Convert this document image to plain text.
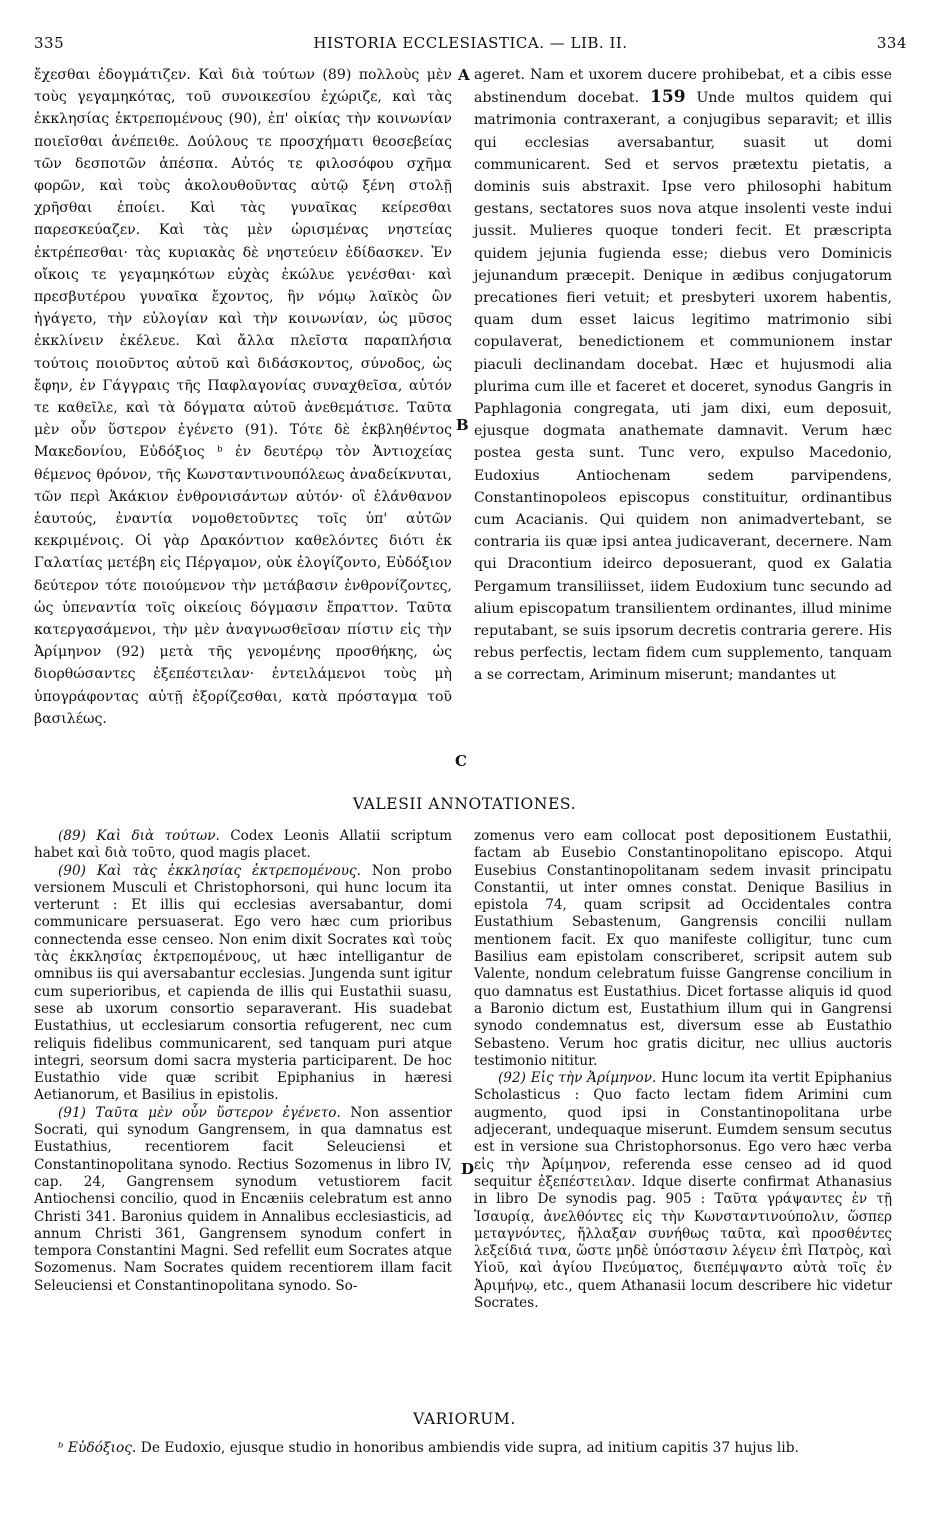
335	HISTORIA ECCLESIASTICA. — LIB. II.	334

ἔχεσθαι ἐδογμάτιζεν. Καὶ διὰ τούτων (89) πολλοὺς μὲν τοὺς γεγαμηκότας, τοῦ συνοικεσίου ἐχώριζε, καὶ τὰς ἐκκλησίας ἐκτρεπομένους (90), ἐπ' οἰκίας τὴν κοινωνίαν ποιεῖσθαι ἀνέπειθε. Δούλους τε προσχήματι θεοσεβείας τῶν δεσποτῶν ἀπέσπα. Αὐτός τε φιλοσόφου σχῆμα φορῶν, καὶ τοὺς ἀκολουθοῦντας αὐτῷ ξένη στολῇ χρῆσθαι ἐποίει. Καὶ τὰς γυναῖκας κείρεσθαι παρεσκεύαζεν. Καὶ τὰς μὲν ὡρισμένας νηστείας ἐκτρέπεσθαι· τὰς κυριακὰς δὲ νηστεύειν ἐδίδασκεν. Ἐν οἴκοις τε γεγαμηκότων εὐχὰς ἐκώλυε γενέσθαι· καὶ πρεσβυτέρου γυναῖκα ἔχοντος, ἣν νόμῳ λαϊκὸς ὢν ἠγάγετο, τὴν εὐλογίαν καὶ τὴν κοινωνίαν, ὡς μῦσος ἐκκλίνειν ἐκέλευε. Καὶ ἄλλα πλεῖστα παραπλήσια τούτοις ποιοῦντος αὐτοῦ καὶ διδάσκοντος, σύνοδος, ὡς ἔφην, ἐν Γάγγραις τῆς Παφλαγονίας συναχθεῖσα, αὐτόν τε καθεῖλε, καὶ τὰ δόγματα αὐτοῦ ἀνεθεμάτισε. Ταῦτα μὲν οὖν ὕστερον ἐγένετο (91). Τότε δὲ ἐκβληθέντος Μακεδονίου, Εὐδόξιος ᵇ ἐν δευτέρῳ τὸν Ἀντιοχείας θέμενος θρόνον, τῆς Κωνσταντινουπόλεως ἀναδείκνυται, τῶν περὶ Ἀκάκιον ἐνθρονισάντων αὐτόν· οἳ ἐλάνθανον ἑαυτούς, ἐναντία νομοθετοῦντες τοῖς ὑπ' αὐτῶν κεκριμένοις. Οἱ γὰρ Δρακόντιον καθελόντες διότι ἐκ Γαλατίας μετέβη εἰς Πέργαμον, οὐκ ἐλογίζοντο, Εὐδόξιον δεύτερον τότε ποιούμενον τὴν μετάβασιν ἐνθρονίζοντες, ὡς ὑπεναντία τοῖς οἰκείοις δόγμασιν ἔπραττον. Ταῦτα κατεργασάμενοι, τὴν μὲν ἀναγνωσθεῖσαν πίστιν εἰς τὴν Ἀρίμηνον (92) μετὰ τῆς γενομένης προσθήκης, ὡς διορθώσαντες ἐξεπέστειλαν· ἐντειλάμενοι τοὺς μὴ ὑπογράφοντας αὐτῇ ἐξορίζεσθαι, κατὰ πρόσταγμα τοῦ βασιλέως.

A
B
C

ageret. Nam et uxorem ducere prohibebat, et a cibis esse abstinendum docebat. 159 Unde multos quidem qui matrimonia contraxerant, a conjugibus separavit; et illis qui ecclesias aversabantur, suasit ut domi communicarent. Sed et servos prætextu pietatis, a dominis suis abstraxit. Ipse vero philosophi habitum gestans, sectatores suos nova atque insolenti veste indui jussit. Mulieres quoque tonderi fecit. Et præscripta quidem jejunia fugienda esse; diebus vero Dominicis jejunandum præcepit. Denique in ædibus conjugatorum precationes fieri vetuit; et presbyteri uxorem habentis, quam dum esset laicus legitimo matrimonio sibi copulaverat, benedictionem et communionem instar piaculi declinandam docebat. Hæc et hujusmodi alia plurima cum ille et faceret et doceret, synodus Gangris in Paphlagonia congregata, uti jam dixi, eum deposuit, ejusque dogmata anathemate damnavit. Verum hæc postea gesta sunt. Tunc vero, expulso Macedonio, Eudoxius Antiochenam sedem parvipendens, Constantinopoleos episcopus constituitur, ordinantibus cum Acacianis. Qui quidem non animadvertebant, se contraria iis quæ ipsi antea judicaverant, decernere. Nam qui Dracontium ideirco deposuerant, quod ex Galatia Pergamum transiliisset, iidem Eudoxium tunc secundo ad alium episcopatum transilientem ordinantes, illud minime reputabant, se suis ipsorum decretis contraria gerere. His rebus perfectis, lectam fidem cum supplemento, tanquam a se correctam, Ariminum miserunt; mandantes ut

VALESII ANNOTATIONES.

(89) Καὶ διὰ τούτων. Codex Leonis Allatii scriptum habet καὶ διὰ τοῦτο, quod magis placet.

(90) Καὶ τὰς ἐκκλησίας ἐκτρεπομένους. Non probo versionem Musculi et Christophorsoni, qui hunc locum ita verterunt : Et illis qui ecclesias aversabantur, domi communicare persuaserat. Ego vero hæc cum prioribus connectenda esse censeo. Non enim dixit Socrates καὶ τοὺς τὰς ἐκκλησίας ἐκτρεπομένους, ut hæc intelligantur de omnibus iis qui aversabantur ecclesias. Jungenda sunt igitur cum superioribus, et capienda de illis qui Eustathii suasu, sese ab uxorum consortio separaverant. His suadebat Eustathius, ut ecclesiarum consortia refugerent, nec cum reliquis fidelibus communicarent, sed tanquam puri atque integri, seorsum domi sacra mysteria participarent. De hoc Eustathio vide quæ scribit Epiphanius in hæresi Aetianorum, et Basilius in epistolis.

(91) Ταῦτα μὲν οὖν ὕστερον ἐγένετο. Non assentior Socrati, qui synodum Gangrensem, in qua damnatus est Eustathius, recentiorem facit Seleuciensi et Constantinopolitana synodo. Rectius Sozomenus in libro IV, cap. 24, Gangrensem synodum vetustiorem facit Antiochensi concilio, quod in Encæniis celebratum est anno Christi 341. Baronius quidem in Annalibus ecclesiasticis, ad annum Christi 361, Gangrensem synodum confert in tempora Constantini Magni. Sed refellit eum Socrates atque Sozomenus. Nam Socrates quidem recentiorem illam facit Seleuciensi et Constantinopolitana synodo. So-

D

zomenus vero eam collocat post depositionem Eustathii, factam ab Eusebio Constantinopolitano episcopo. Atqui Eusebius Constantinopolitanam sedem invasit principatu Constantii, ut inter omnes constat. Denique Basilius in epistola 74, quam scripsit ad Occidentales contra Eustathium Sebastenum, Gangrensis concilii nullam mentionem facit. Ex quo manifeste colligitur, tunc cum Basilius eam epistolam conscriberet, scripsit autem sub Valente, nondum celebratum fuisse Gangrense concilium in quo damnatus est Eustathius. Dicet fortasse aliquis id quod a Baronio dictum est, Eustathium illum qui in Gangrensi synodo condemnatus est, diversum esse ab Eustathio Sebasteno. Verum hoc gratis dicitur, nec ullius auctoris testimonio nititur.

(92) Εἰς τὴν Ἀρίμηνον. Hunc locum ita vertit Epiphanius Scholasticus : Quo facto lectam fidem Arimini cum augmento, quod ipsi in Constantinopolitana urbe adjecerant, undequaque miserunt. Eumdem sensum secutus est in versione sua Christophorsonus. Ego vero hæc verba εἰς τὴν Ἀρίμηνον, referenda esse censeo ad id quod sequitur ἐξεπέστειλαν. Idque diserte confirmat Athanasius in libro De synodis pag. 905 : Ταῦτα γράψαντες ἐν τῇ Ἰσαυρίᾳ, ἀνελθόντες εἰς τὴν Κωνσταντινούπολιν, ὥσπερ μεταγνόντες, ἤλλαξαν συνήθως ταῦτα, καὶ προσθέντες λεξείδιά τινα, ὥστε μηδὲ ὑπόστασιν λέγειν ἐπὶ Πατρὸς, καὶ Υἱοῦ, καὶ ἁγίου Πνεύματος, διεπέμψαντο αὐτὰ τοῖς ἐν Ἀριμήνῳ, etc., quem Athanasii locum describere hic videtur Socrates.

VARIORUM.

ᵇ Εὐδόξιος. De Eudoxio, ejusque studio in honoribus ambiendis vide supra, ad initium capitis 37 hujus lib.
